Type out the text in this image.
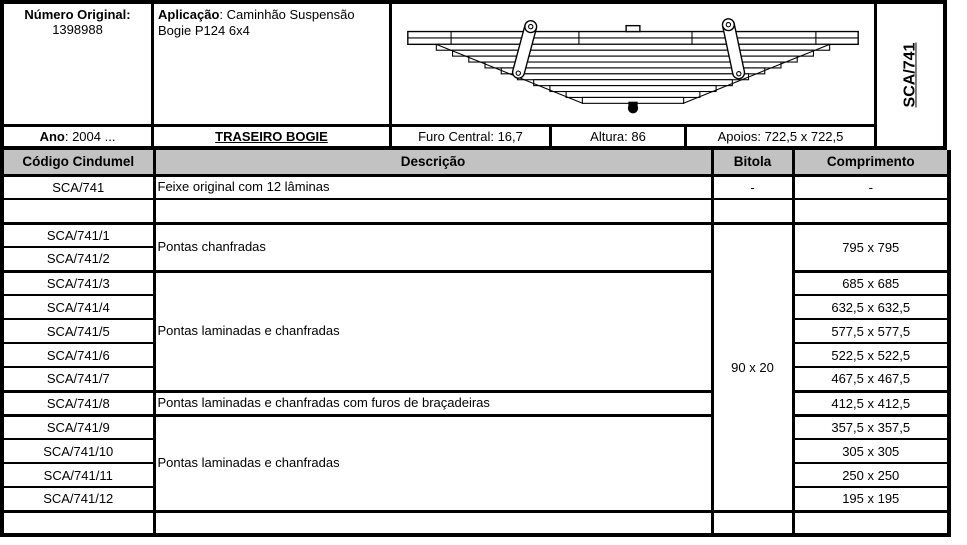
Número Original:
1398988
Aplicação: Caminhão Suspensão Bogie P124 6x4
SCA/741
Ano: 2004 ...	TRASEIRO BOGIE	Furo Central: 16,7	Altura: 86	Apoios: 722,5 x 722,5
Código Cindumel	Descrição	Bitola	Comprimento
SCA/741	Feixe original com 12 lâminas	-	-

SCA/741/1	Pontas chanfradas	90 x 20	795 x 795
SCA/741/2			
SCA/741/3	Pontas laminadas e chanfradas		685 x 685
SCA/741/4			632,5 x 632,5
SCA/741/5			577,5 x 577,5
SCA/741/6			522,5 x 522,5
SCA/741/7			467,5 x 467,5
SCA/741/8	Pontas laminadas e chanfradas com furos de braçadeiras		412,5 x 412,5
SCA/741/9	Pontas laminadas e chanfradas		357,5 x 357,5
SCA/741/10			305 x 305
SCA/741/11			250 x 250
SCA/741/12			195 x 195
